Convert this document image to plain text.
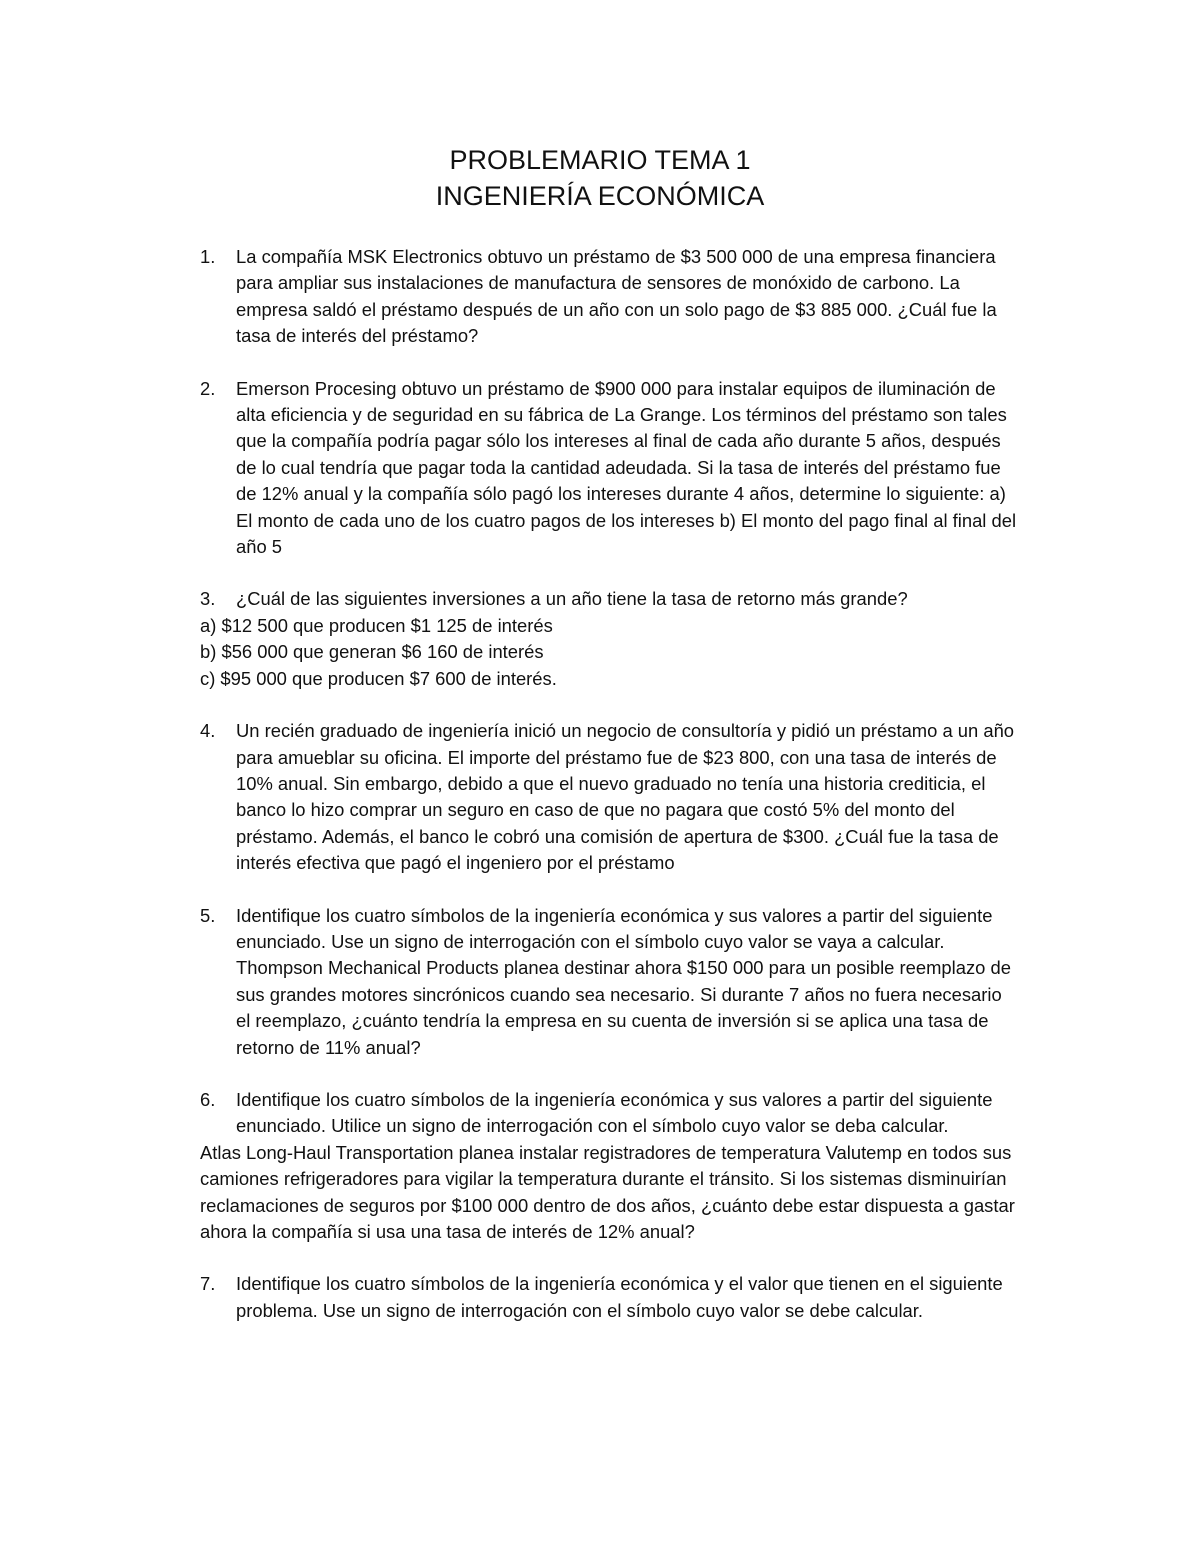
PROBLEMARIO TEMA 1
INGENIERÍA ECONÓMICA
1. La compañía MSK Electronics obtuvo un préstamo de $3 500 000 de una empresa financiera para ampliar sus instalaciones de manufactura de sensores de monóxido de carbono. La empresa saldó el préstamo después de un año con un solo pago de $3 885 000. ¿Cuál fue la tasa de interés del préstamo?

2. Emerson Procesing obtuvo un préstamo de $900 000 para instalar equipos de iluminación de alta eficiencia y de seguridad en su fábrica de La Grange. Los términos del préstamo son tales que la compañía podría pagar sólo los intereses al final de cada año durante 5 años, después de lo cual tendría que pagar toda la cantidad adeudada. Si la tasa de interés del préstamo fue de 12% anual y la compañía sólo pagó los intereses durante 4 años, determine lo siguiente: a) El monto de cada uno de los cuatro pagos de los intereses b) El monto del pago final al final del año 5

3. ¿Cuál de las siguientes inversiones a un año tiene la tasa de retorno más grande?

a) $12 500 que producen $1 125 de interés
b) $56 000 que generan $6 160 de interés
c) $95 000 que producen $7 600 de interés.
4. Un recién graduado de ingeniería inició un negocio de consultoría y pidió un préstamo a un año para amueblar su oficina. El importe del préstamo fue de $23 800, con una tasa de interés de 10% anual. Sin embargo, debido a que el nuevo graduado no tenía una historia crediticia, el banco lo hizo comprar un seguro en caso de que no pagara que costó 5% del monto del préstamo. Además, el banco le cobró una comisión de apertura de $300. ¿Cuál fue la tasa de interés efectiva que pagó el ingeniero por el préstamo

5. Identifique los cuatro símbolos de la ingeniería económica y sus valores a partir del siguiente enunciado. Use un signo de interrogación con el símbolo cuyo valor se vaya a calcular. Thompson Mechanical Products planea destinar ahora $150 000 para un posible reemplazo de sus grandes motores sincrónicos cuando sea necesario. Si durante 7 años no fuera necesario el reemplazo, ¿cuánto tendría la empresa en su cuenta de inversión si se aplica una tasa de retorno de 11% anual?

6. Identifique los cuatro símbolos de la ingeniería económica y sus valores a partir del siguiente enunciado. Utilice un signo de interrogación con el símbolo cuyo valor se deba calcular.

Atlas Long-Haul Transportation planea instalar registradores de temperatura Valutemp en todos sus camiones refrigeradores para vigilar la temperatura durante el tránsito. Si los sistemas disminuirían reclamaciones de seguros por $100 000 dentro de dos años, ¿cuánto debe estar dispuesta a gastar ahora la compañía si usa una tasa de interés de 12% anual?

7. Identifique los cuatro símbolos de la ingeniería económica y el valor que tienen en el siguiente problema. Use un signo de interrogación con el símbolo cuyo valor se debe calcular.
